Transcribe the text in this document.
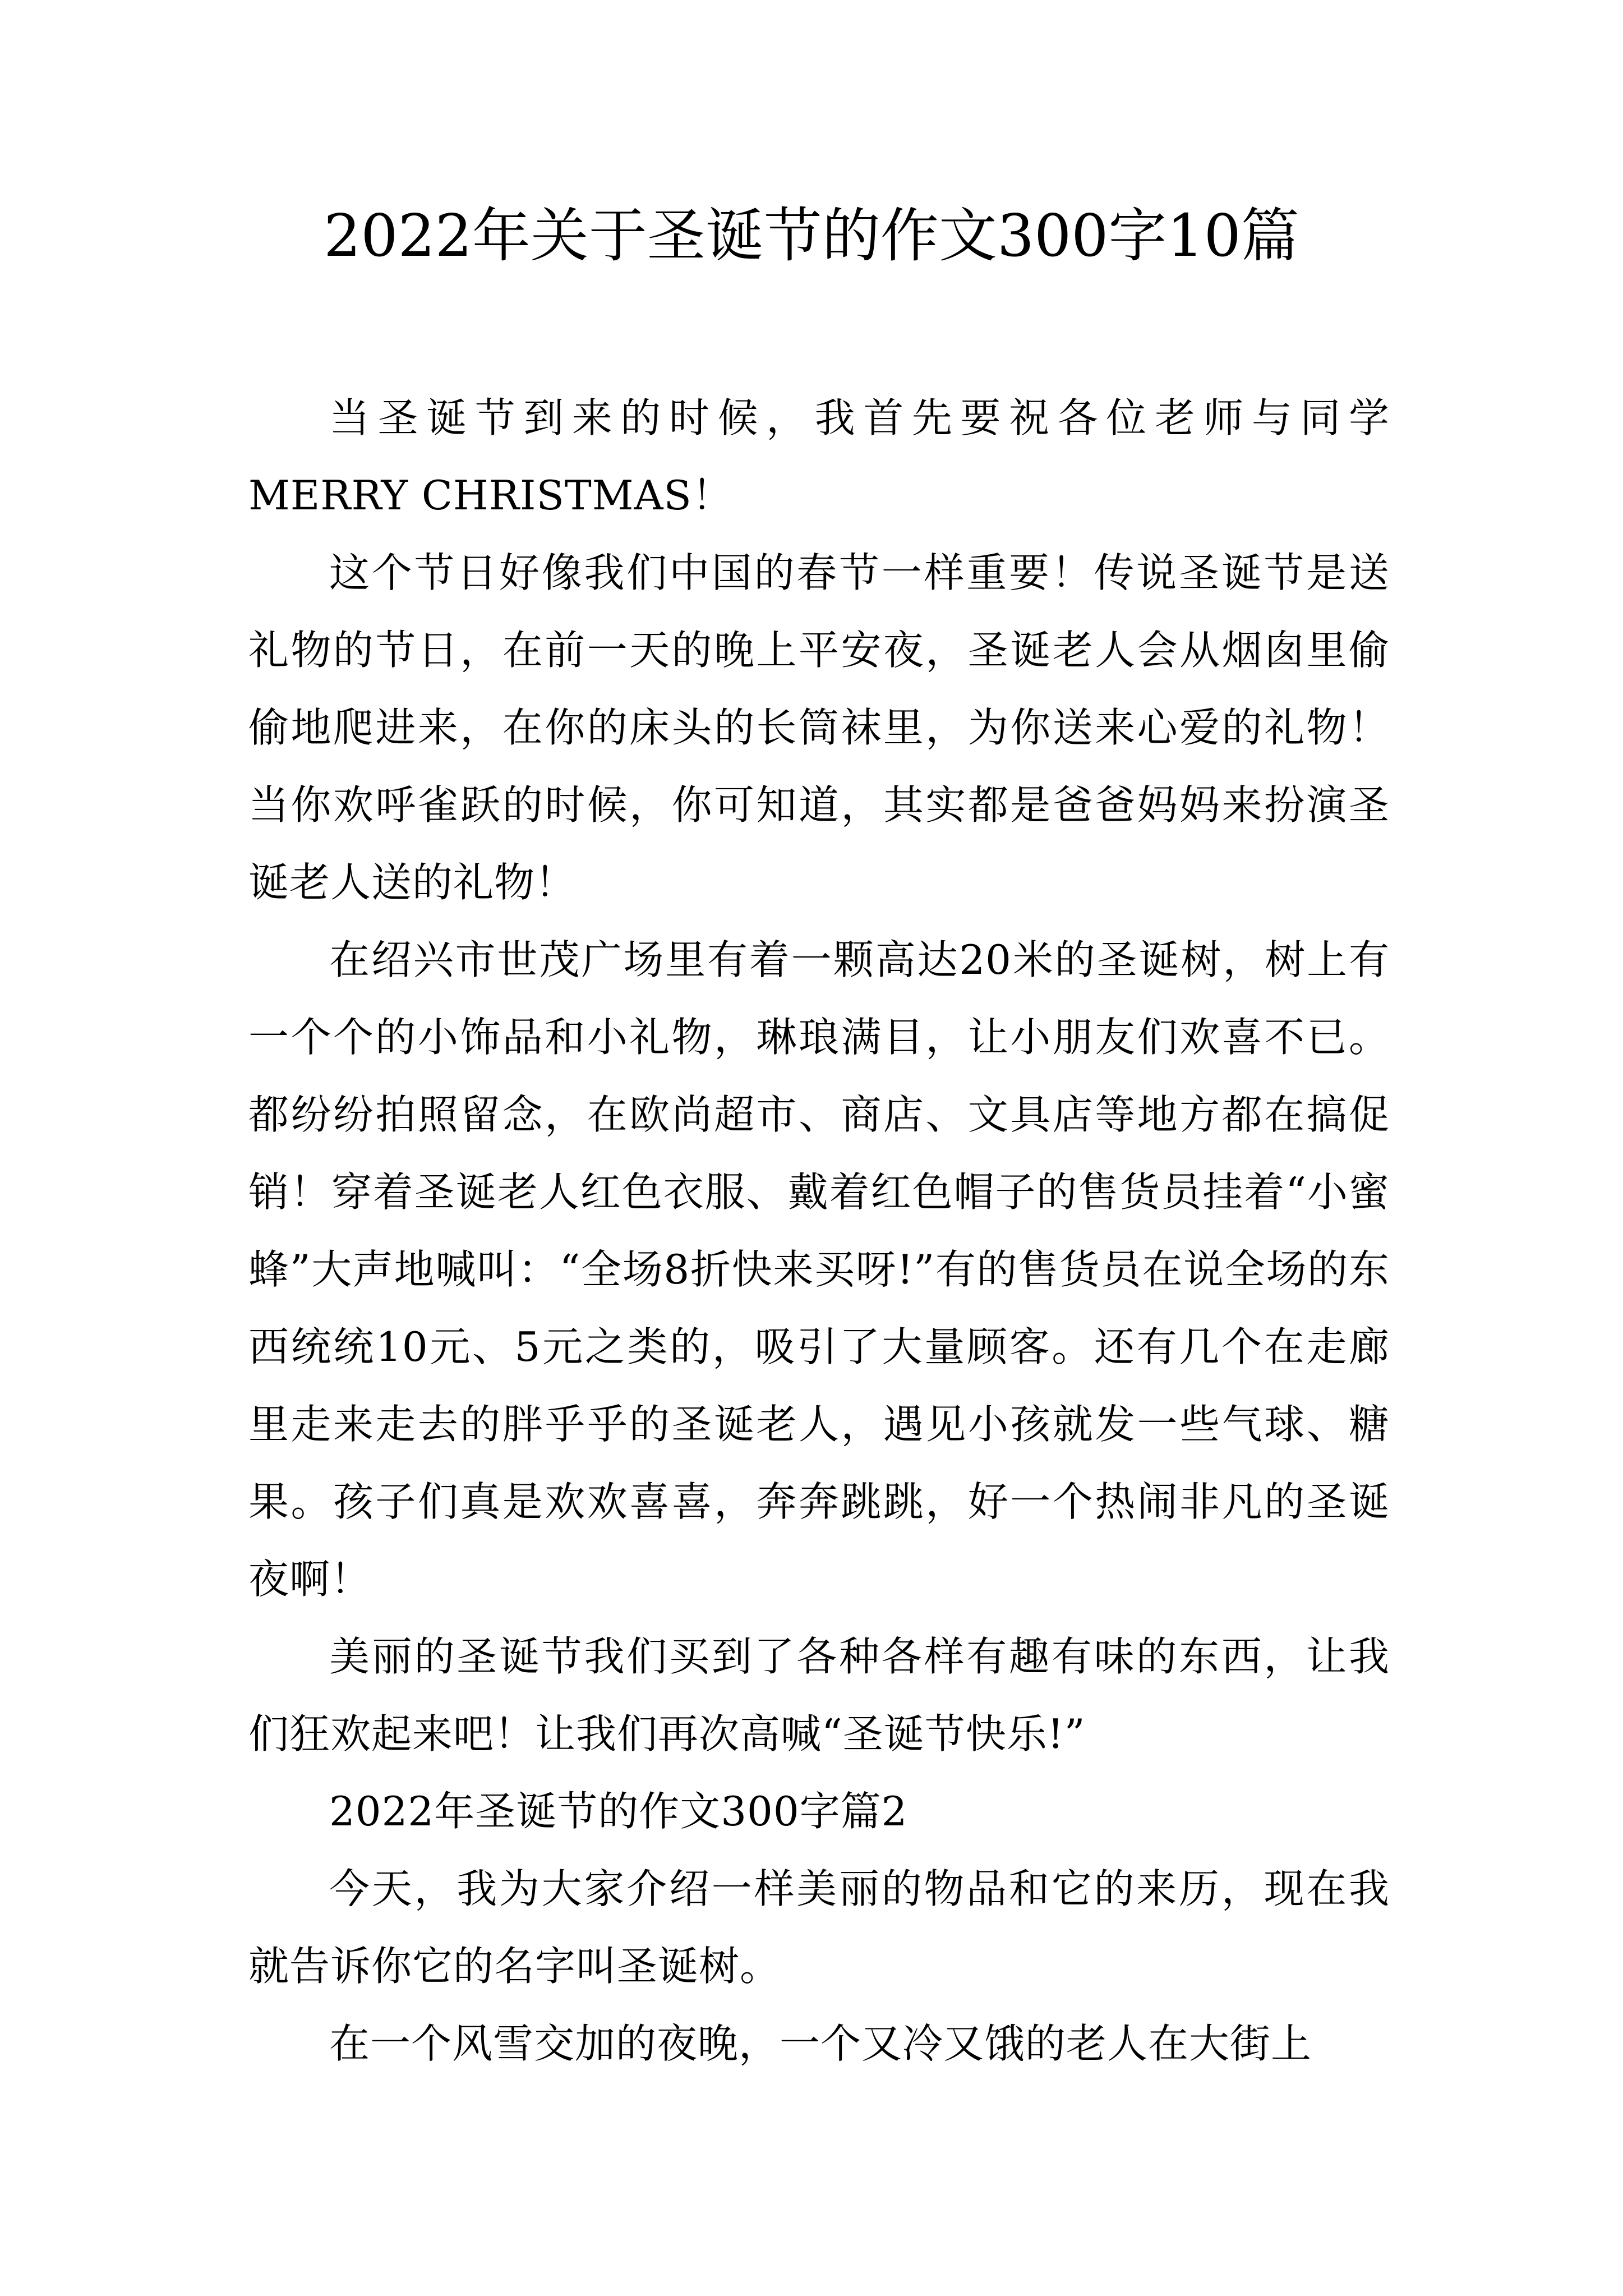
2022年关于圣诞节的作文300字10篇

当圣诞节到来的时候，我首先要祝各位老师与同学MERRY CHRISTMAS！

这个节日好像我们中国的春节一样重要！传说圣诞节是送礼物的节日，在前一天的晚上平安夜，圣诞老人会从烟囱里偷偷地爬进来，在你的床头的长筒袜里，为你送来心爱的礼物！当你欢呼雀跃的时候，你可知道，其实都是爸爸妈妈来扮演圣诞老人送的礼物！

在绍兴市世茂广场里有着一颗高达20米的圣诞树，树上有一个个的小饰品和小礼物，琳琅满目，让小朋友们欢喜不已。都纷纷拍照留念，在欧尚超市、商店、文具店等地方都在搞促销！穿着圣诞老人红色衣服、戴着红色帽子的售货员挂着“小蜜蜂”大声地喊叫：“全场8折快来买呀!”有的售货员在说全场的东西统统10元、5元之类的，吸引了大量顾客。还有几个在走廊里走来走去的胖乎乎的圣诞老人，遇见小孩就发一些气球、糖果。孩子们真是欢欢喜喜，奔奔跳跳，好一个热闹非凡的圣诞夜啊！

美丽的圣诞节我们买到了各种各样有趣有味的东西，让我们狂欢起来吧！让我们再次高喊“圣诞节快乐!”

2022年圣诞节的作文300字篇2

今天，我为大家介绍一样美丽的物品和它的来历，现在我就告诉你它的名字叫圣诞树。

在一个风雪交加的夜晚，一个又冷又饿的老人在大街上
